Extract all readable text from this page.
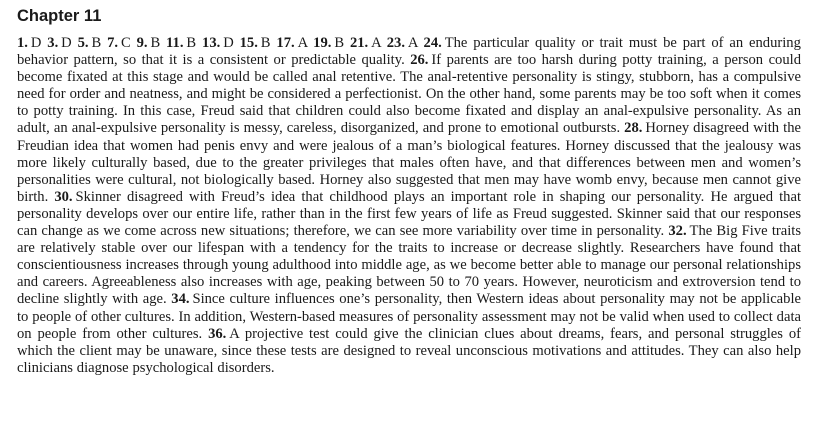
Chapter 11

1.  D 3.  D 5.  B 7.  C 9.  B 11.  B 13.  D 15.  B 17.  A 19.  B 21.  A 23.  A 24.  The particular quality or trait must be part of an enduring behavior pattern, so that it is a consistent or predictable quality. 26.  If parents are too harsh during potty training, a person could become fixated at this stage and would be called anal retentive. The anal-retentive personality is stingy, stubborn, has a compulsive need for order and neatness, and might be considered a perfectionist. On the other hand, some parents may be too soft when it comes to potty training. In this case, Freud said that children could also become fixated and display an anal-expulsive personality. As an adult, an anal-expulsive personality is messy, careless, disorganized, and prone to emotional outbursts. 28.  Horney disagreed with the Freudian idea that women had penis envy and were jealous of a man’s biological features. Horney discussed that the jealousy was more likely culturally based, due to the greater privileges that males often have, and that differences between men and women’s personalities were cultural, not biologically based. Horney also suggested that men may have womb envy, because men cannot give birth. 30.  Skinner disagreed with Freud’s idea that childhood plays an important role in shaping our personality. He argued that personality develops over our entire life, rather than in the first few years of life as Freud suggested. Skinner said that our responses can change as we come across new situations; therefore, we can see more variability over time in personality. 32.  The Big Five traits are relatively stable over our lifespan with a tendency for the traits to increase or decrease slightly. Researchers have found that conscientiousness increases through young adulthood into middle age, as we become better able to manage our personal relationships and careers. Agreeableness also increases with age, peaking between 50 to 70 years. However, neuroticism and extroversion tend to decline slightly with age. 34.  Since culture influences one’s personality, then Western ideas about personality may not be applicable to people of other cultures. In addition, Western-based measures of personality assessment may not be valid when used to collect data on people from other cultures. 36.  A projective test could give the clinician clues about dreams, fears, and personal struggles of which the client may be unaware, since these tests are designed to reveal unconscious motivations and attitudes. They can also help clinicians diagnose psychological disorders.
